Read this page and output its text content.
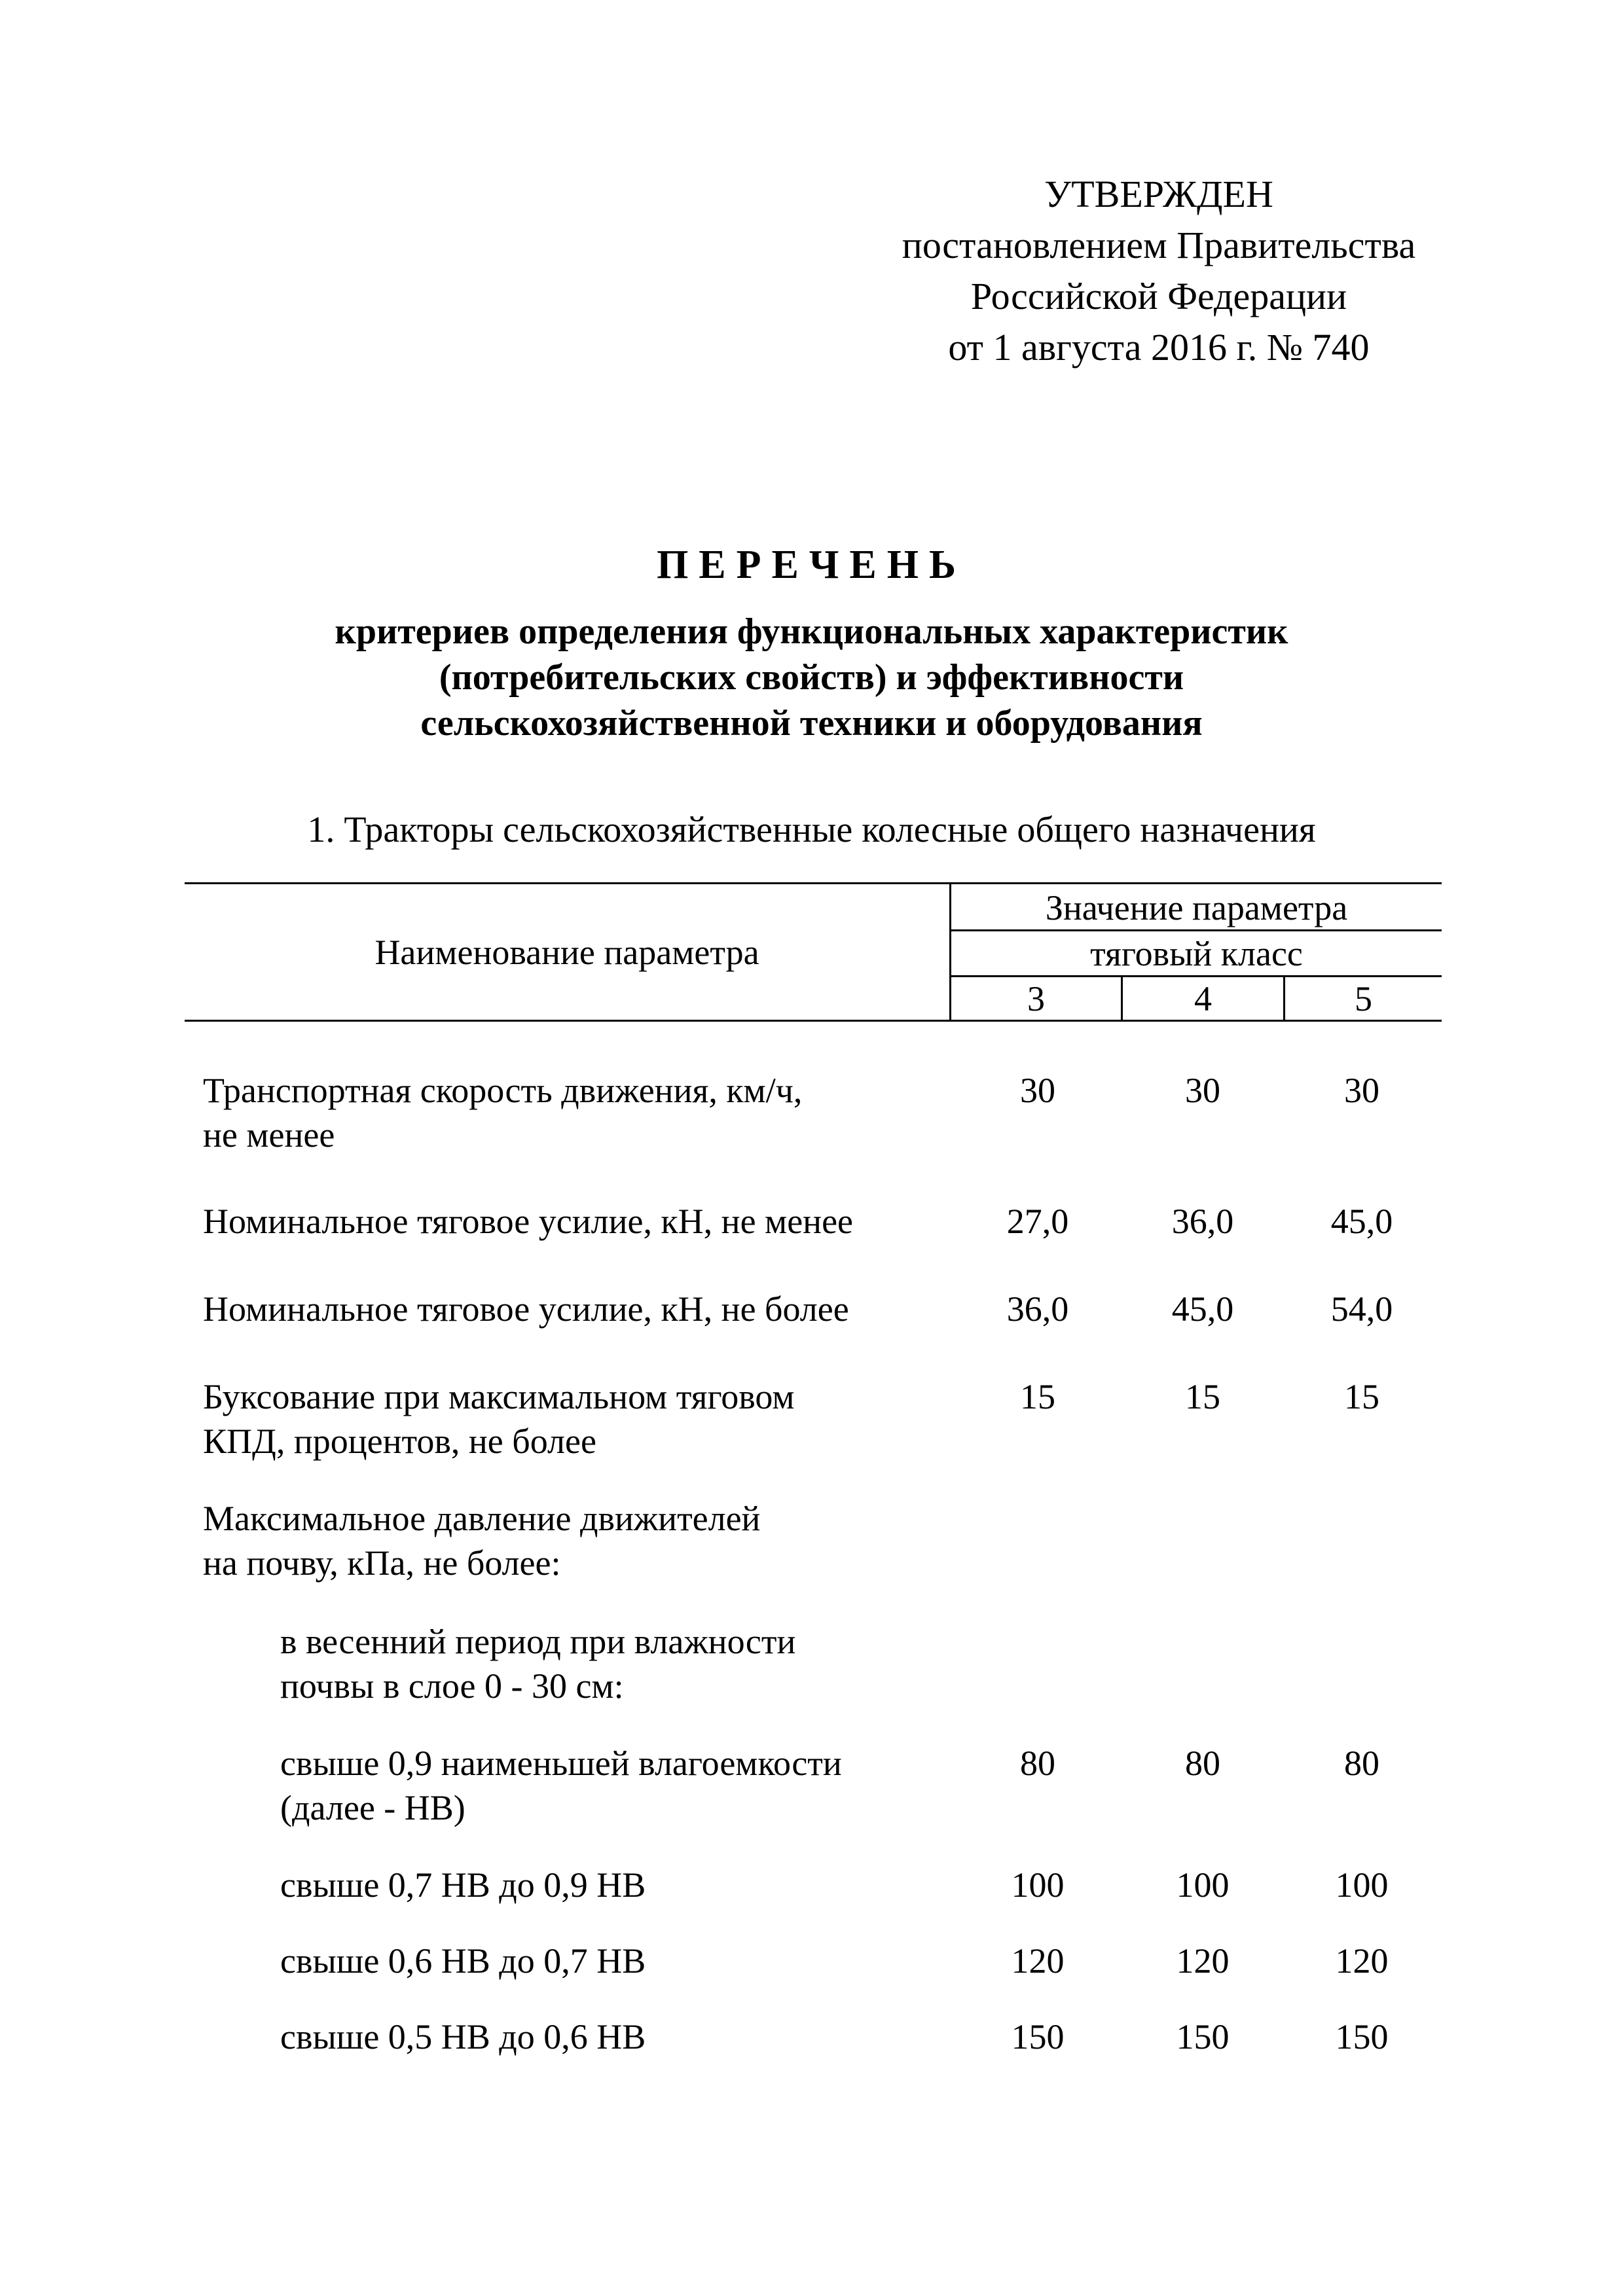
УТВЕРЖДЕН
постановлением Правительства
Российской Федерации
от 1 августа 2016 г. № 740
ПЕРЕЧЕНЬ
критериев определения функциональных характеристик
(потребительских свойств) и эффективности
сельскохозяйственной техники и оборудования
1. Тракторы сельскохозяйственные колесные общего назначения
Наименование параметра
Значение параметра
тяговый класс
3	4	5
Транспортная скорость движения, км/ч,
не менее
30	30	30
Номинальное тяговое усилие, кН, не менее	27,0	36,0	45,0
Номинальное тяговое усилие, кН, не более	36,0	45,0	54,0
Буксование при максимальном тяговом
КПД, процентов, не более
15	15	15
Максимальное давление движителей
на почву, кПа, не более:
в весенний период при влажности
почвы в слое 0 - 30 см:
свыше 0,9 наименьшей влагоемкости
(далее - НВ)
80	80	80
свыше 0,7 НВ до 0,9 НВ	100	100	100
свыше 0,6 НВ до 0,7 НВ	120	120	120
свыше 0,5 НВ до 0,6 НВ	150	150	150
